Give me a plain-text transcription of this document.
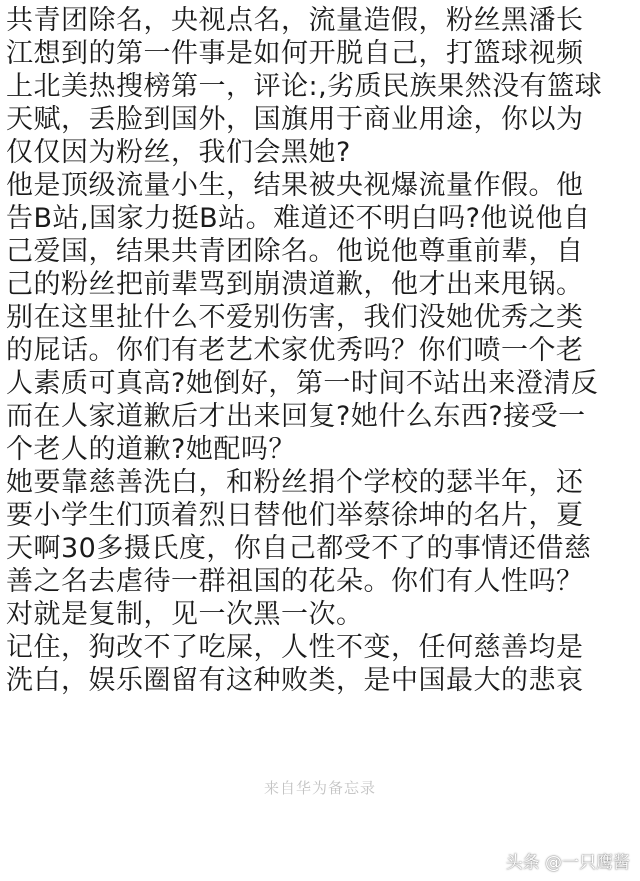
共青团除名，央视点名，流量造假，粉丝黑潘长
江想到的第一件事是如何开脱自己，打篮球视频
上北美热搜榜第一，评论:,劣质民族果然没有篮球
天赋，丢脸到国外，国旗用于商业用途，你以为
仅仅因为粉丝，我们会黑她?
他是顶级流量小生，结果被央视爆流量作假。他
告B站,国家力挺B站。难道还不明白吗?他说他自
己爱国，结果共青团除名。他说他尊重前辈，自
己的粉丝把前辈骂到崩溃道歉，他才出来甩锅。
别在这里扯什么不爱别伤害，我们没她优秀之类
的屁话。你们有老艺术家优秀吗？你们喷一个老
人素质可真高?她倒好，第一时间不站出来澄清反
而在人家道歉后才出来回复?她什么东西?接受一
个老人的道歉?她配吗？
她要靠慈善洗白，和粉丝捐个学校的瑟半年，还
要小学生们顶着烈日替他们举蔡徐坤的名片，夏
天啊30多摄氏度，你自己都受不了的事情还借慈
善之名去虐待一群祖国的花朵。你们有人性吗？
对就是复制，见一次黑一次。
记住，狗改不了吃屎，人性不变，任何慈善均是
洗白，娱乐圈留有这种败类，是中国最大的悲哀
来自华为备忘录
头条 @一只鹰酱
